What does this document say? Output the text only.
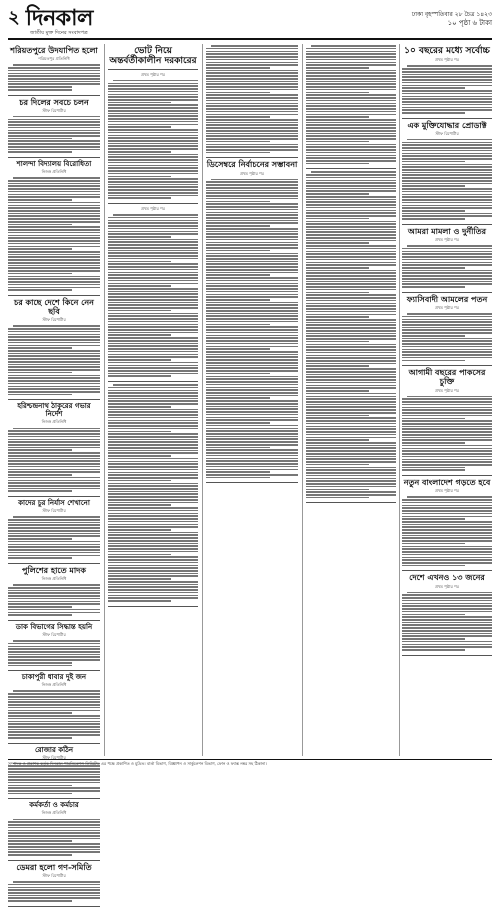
২ দিনকাল
জাতীয় মুক্ত দিনের সংবাদপত্র
ঢাকা বৃহস্পতিবার ২৮ চৈত্র ১৪২৩
১০ পৃষ্ঠা ৬ টাকা
শরিয়তপুরে উদযাপিত হলো
শরিয়তপুর প্রতিনিধি
চর দিলের সবচে চলন
স্টাফ রিপোর্টার
শালন্দা বিদ্যালয় বিরোধিতা
নিজস্ব প্রতিনিধি
চর কাছে দেশে কিনে নেন ছবি
স্টাফ রিপোর্টার
হরিশ্চন্দ্রনাথ ঠাকুরের গভার নির্দেশ
নিজস্ব প্রতিনিধি
কাদের চুর নির্যাস শেখানো
স্টাফ রিপোর্টার
পুলিশের হাতে মাদক
নিজস্ব প্রতিনিধি
ডাক বিভাগের সিদ্ধান্ত হয়নি
স্টাফ রিপোর্টার
চাকাপুরী ধাবার দুই জন
নিজস্ব প্রতিনিধি
রোজার কঠিন
স্টাফ রিপোর্টার
কর্মকর্তা ও কর্মচার
নিজস্ব প্রতিনিধি
ডেমরা হলো গণ-সমিতি
স্টাফ রিপোর্টার
ভোট নিয়ে অন্তর্বর্তীকালীন দরকারের
প্রথম পৃষ্ঠার পর
প্রথম পৃষ্ঠার পর
ডিসেম্বরে নির্বাচনের সম্ভাবনা
প্রথম পৃষ্ঠার পর
১০ বছরের মধ্যে সর্বোচ্চ
প্রথম পৃষ্ঠার পর
এক মুক্তিযোদ্ধার প্রোডাক্ট
স্টাফ রিপোর্টার
আমরা মামলা ও দুর্নীতির
প্রথম পৃষ্ঠার পর
ফ্যাসিবাদী আমলের পতন
প্রথম পৃষ্ঠার পর
আগামী বছরের পাকসের চুক্তি
প্রথম পৃষ্ঠার পর
নতুন বাংলাদেশ গড়তে হবে
প্রথম পৃষ্ঠার পর
দেশে এখনও ১৩ জনের
প্রথম পৃষ্ঠার পর
সম্পাদক ও প্রকাশক কর্তৃক দিনকাল পাবলিকেশন্স লিমিটেড এর পক্ষে প্রকাশিত ও মুদ্রিত। বার্তা বিভাগ, বিজ্ঞাপন ও সার্কুলেশন বিভাগ, ফোন ও ফ্যাক্স নম্বর সহ ঠিকানা।
